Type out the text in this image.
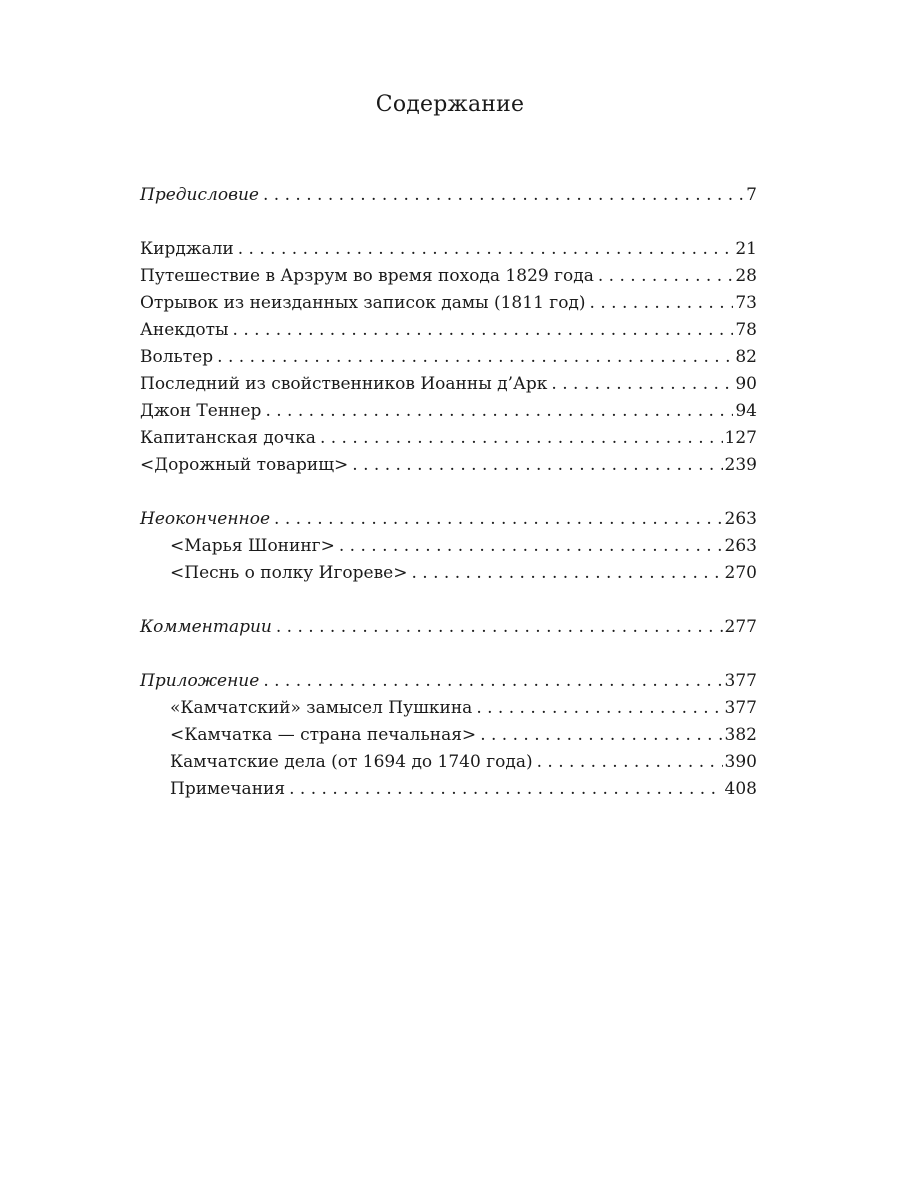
Содержание
Предисловие . . .	7
Кирджали . . .	21
Путешествие в Арзрум во время похода 1829 года . . .	28
Отрывок из неизданных записок дамы (1811 год) . . .	73
Анекдоты . . .	78
Вольтер . . .	82
Последний из свойственников Иоанны д’Арк . . .	90
Джон Теннер . . .	94
Капитанская дочка . . .	127
<Дорожный товарищ> . . .	239
Неоконченное . . .	263
<Марья Шонинг> . . .	263
<Песнь о полку Игореве> . . .	270
Комментарии . . .	277
Приложение . . .	377
«Камчатский» замысел Пушкина . . .	377
<Камчатка — страна печальная> . . .	382
Камчатские дела (от 1694 до 1740 года) . . .	390
Примечания . . .	408
